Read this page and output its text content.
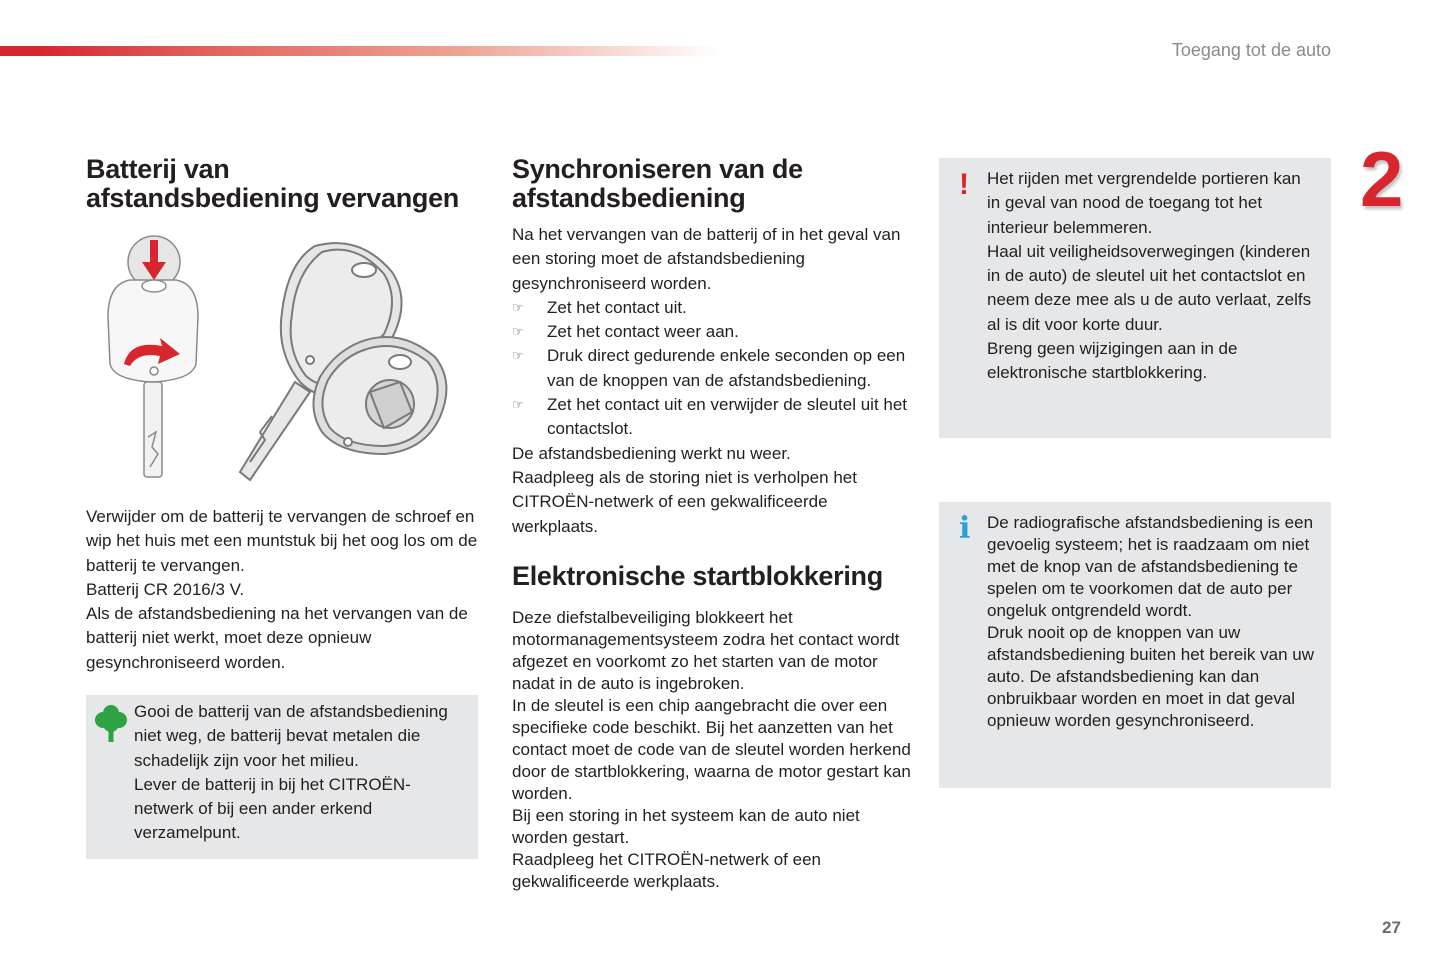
Toegang tot de auto
2
27
Batterij van
afstandsbediening vervangen

Verwijder om de batterij te vervangen de schroef en wip het huis met een muntstuk bij het oog los om de batterij te vervangen.

Batterij CR 2016/3 V.

Als de afstandsbediening na het vervangen van de batterij niet werkt, moet deze opnieuw gesynchroniseerd worden.

Gooi de batterij van de afstandsbediening niet weg, de batterij bevat metalen die schadelijk zijn voor het milieu.

Lever de batterij in bij het CITROËN-netwerk of bij een ander erkend verzamelpunt.

Synchroniseren van de
afstandsbediening

Na het vervangen van de batterij of in het geval van een storing moet de afstandsbediening gesynchroniseerd worden.

☞ Zet het contact uit.
☞ Zet het contact weer aan.
☞ Druk direct gedurende enkele seconden op een van de knoppen van de afstandsbediening.
☞ Zet het contact uit en verwijder de sleutel uit het contactslot.

De afstandsbediening werkt nu weer.

Raadpleeg als de storing niet is verholpen het CITROËN-netwerk of een gekwalificeerde werkplaats.

Elektronische startblokkering

Deze diefstalbeveiliging blokkeert het motormanagementsysteem zodra het contact wordt afgezet en voorkomt zo het starten van de motor nadat in de auto is ingebroken.

In de sleutel is een chip aangebracht die over een specifieke code beschikt. Bij het aanzetten van het contact moet de code van de sleutel worden herkend door de startblokkering, waarna de motor gestart kan worden.

Bij een storing in het systeem kan de auto niet worden gestart.

Raadpleeg het CITROËN-netwerk of een gekwalificeerde werkplaats.

! Het rijden met vergrendelde portieren kan in geval van nood de toegang tot het interieur belemmeren.

Haal uit veiligheidsoverwegingen (kinderen in de auto) de sleutel uit het contactslot en neem deze mee als u de auto verlaat, zelfs al is dit voor korte duur.

Breng geen wijzigingen aan in de elektronische startblokkering.

i De radiografische afstandsbediening is een gevoelig systeem; het is raadzaam om niet met de knop van de afstandsbediening te spelen om te voorkomen dat de auto per ongeluk ontgrendeld wordt.

Druk nooit op de knoppen van uw afstandsbediening buiten het bereik van uw auto. De afstandsbediening kan dan onbruikbaar worden en moet in dat geval opnieuw worden gesynchroniseerd.
